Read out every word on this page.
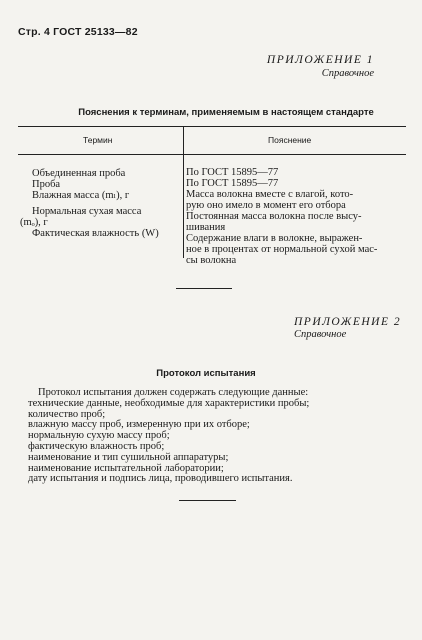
Стр. 4 ГОСТ 25133—82
ПРИЛОЖЕНИЕ 1
Справочное
Пояснения к терминам, применяемым в настоящем стандарте
Термин	Пояснение
Объединенная проба
Проба
Влажная масса (mₗ), г
Нормальная сухая масса
(mₒ), г
Фактическая влажность (W)
По ГОСТ 15895—77
По ГОСТ 15895—77
Масса волокна вместе с влагой, кото-
рую оно имело в момент его отбора
Постоянная масса волокна после высу-
шивания
Содержание влаги в волокне, выражен-
ное в процентах от нормальной сухой мас-
сы волокна
ПРИЛОЖЕНИЕ 2
Справочное
Протокол испытания
Протокол испытания должен содержать следующие данные:
технические данные, необходимые для характеристики пробы;
количество проб;
влажную массу проб, измеренную при их отборе;
нормальную сухую массу проб;
фактическую влажность проб;
наименование и тип сушильной аппаратуры;
наименование испытательной лаборатории;
дату испытания и подпись лица, проводившего испытания.
